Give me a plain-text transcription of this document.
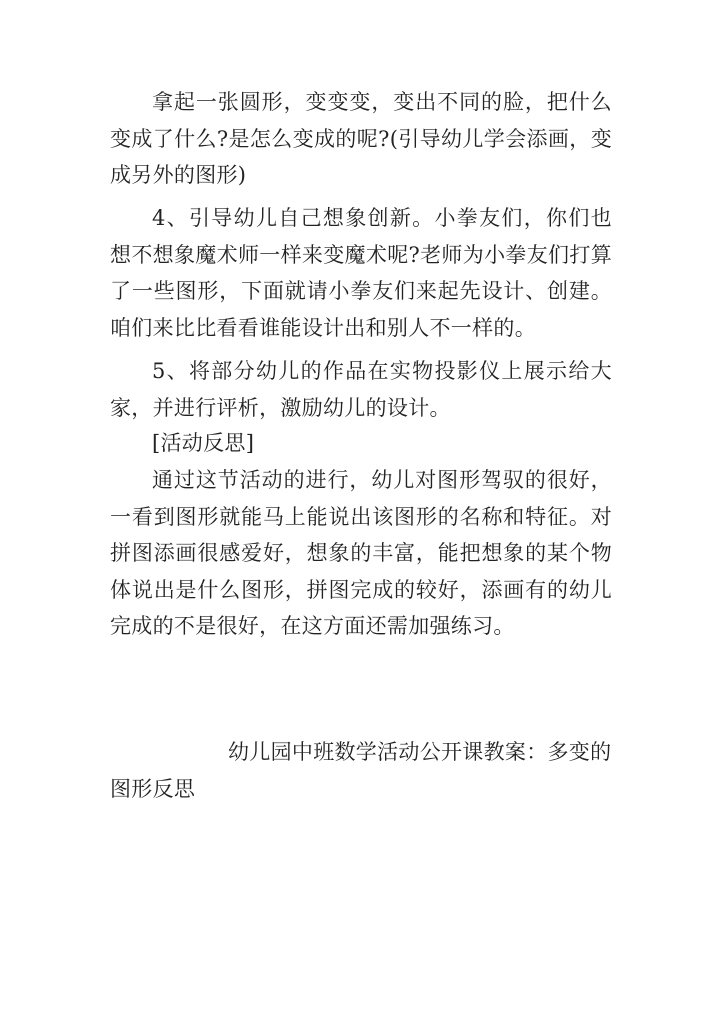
拿起一张圆形，变变变，变出不同的脸，把什么变成了什么?是怎么变成的呢?(引导幼儿学会添画，变成另外的图形)

4、引导幼儿自己想象创新。小拳友们，你们也想不想象魔术师一样来变魔术呢?老师为小拳友们打算了一些图形，下面就请小拳友们来起先设计、创建。咱们来比比看看谁能设计出和别人不一样的。

5、将部分幼儿的作品在实物投影仪上展示给大家，并进行评析，激励幼儿的设计。

[活动反思]

通过这节活动的进行，幼儿对图形驾驭的很好，一看到图形就能马上能说出该图形的名称和特征。对拼图添画很感爱好，想象的丰富，能把想象的某个物体说出是什么图形，拼图完成的较好，添画有的幼儿完成的不是很好，在这方面还需加强练习。

幼儿园中班数学活动公开课教案：多变的图形反思
